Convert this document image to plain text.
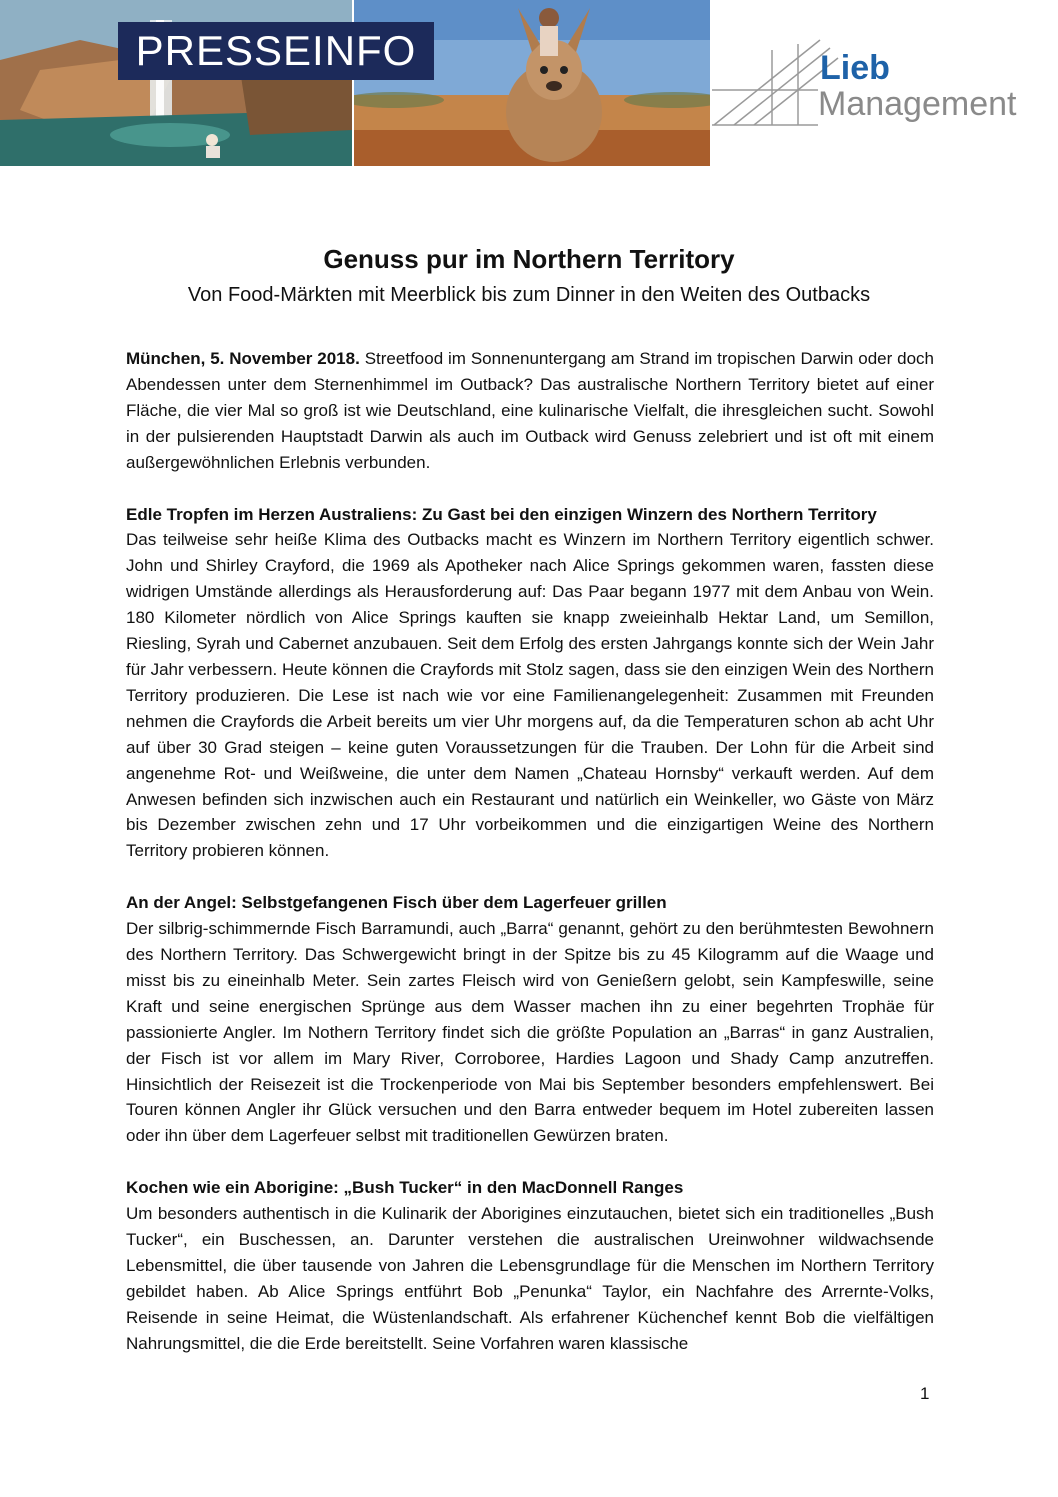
PRESSEINFO	Lieb
Management
Genuss pur im Northern Territory
Von Food-Märkten mit Meerblick bis zum Dinner in den Weiten des Outbacks

München, 5. November 2018. Streetfood im Sonnenuntergang am Strand im tropischen Darwin oder doch Abendessen unter dem Sternenhimmel im Outback? Das australische Northern Territory bietet auf einer Fläche, die vier Mal so groß ist wie Deutschland, eine kulinarische Vielfalt, die ihresgleichen sucht. Sowohl in der pulsierenden Hauptstadt Darwin als auch im Outback wird Genuss zelebriert und ist oft mit einem außergewöhnlichen Erlebnis verbunden.

Edle Tropfen im Herzen Australiens: Zu Gast bei den einzigen Winzern des Northern Territory

Das teilweise sehr heiße Klima des Outbacks macht es Winzern im Northern Territory eigentlich schwer. John und Shirley Crayford, die 1969 als Apotheker nach Alice Springs gekommen waren, fassten diese widrigen Umstände allerdings als Herausforderung auf: Das Paar begann 1977 mit dem Anbau von Wein. 180 Kilometer nördlich von Alice Springs kauften sie knapp zweieinhalb Hektar Land, um Semillon, Riesling, Syrah und Cabernet anzubauen. Seit dem Erfolg des ersten Jahrgangs konnte sich der Wein Jahr für Jahr verbessern. Heute können die Crayfords mit Stolz sagen, dass sie den einzigen Wein des Northern Territory produzieren. Die Lese ist nach wie vor eine Familienangelegenheit: Zusammen mit Freunden nehmen die Crayfords die Arbeit bereits um vier Uhr morgens auf, da die Temperaturen schon ab acht Uhr auf über 30 Grad steigen – keine guten Voraussetzungen für die Trauben. Der Lohn für die Arbeit sind angenehme Rot- und Weißweine, die unter dem Namen „Chateau Hornsby“ verkauft werden. Auf dem Anwesen befinden sich inzwischen auch ein Restaurant und natürlich ein Weinkeller, wo Gäste von März bis Dezember zwischen zehn und 17 Uhr vorbeikommen und die einzigartigen Weine des Northern Territory probieren können.

An der Angel: Selbstgefangenen Fisch über dem Lagerfeuer grillen

Der silbrig-schimmernde Fisch Barramundi, auch „Barra“ genannt, gehört zu den berühmtesten Bewohnern des Northern Territory. Das Schwergewicht bringt in der Spitze bis zu 45 Kilogramm auf die Waage und misst bis zu eineinhalb Meter. Sein zartes Fleisch wird von Genießern gelobt, sein Kampfeswille, seine Kraft und seine energischen Sprünge aus dem Wasser machen ihn zu einer begehrten Trophäe für passionierte Angler. Im Nothern Territory findet sich die größte Population an „Barras“ in ganz Australien, der Fisch ist vor allem im Mary River, Corroboree, Hardies Lagoon und Shady Camp anzutreffen. Hinsichtlich der Reisezeit ist die Trockenperiode von Mai bis September besonders empfehlenswert. Bei Touren können Angler ihr Glück versuchen und den Barra entweder bequem im Hotel zubereiten lassen oder ihn über dem Lagerfeuer selbst mit traditionellen Gewürzen braten.

Kochen wie ein Aborigine: „Bush Tucker“ in den MacDonnell Ranges

Um besonders authentisch in die Kulinarik der Aborigines einzutauchen, bietet sich ein traditionelles „Bush Tucker“, ein Buschessen, an. Darunter verstehen die australischen Ureinwohner wildwachsende Lebensmittel, die über tausende von Jahren die Lebensgrundlage für die Menschen im Northern Territory gebildet haben. Ab Alice Springs entführt Bob „Penunka“ Taylor, ein Nachfahre des Arrernte-Volks, Reisende in seine Heimat, die Wüstenlandschaft. Als erfahrener Küchenchef kennt Bob die vielfältigen Nahrungsmittel, die die Erde bereitstellt. Seine Vorfahren waren klassische

1
